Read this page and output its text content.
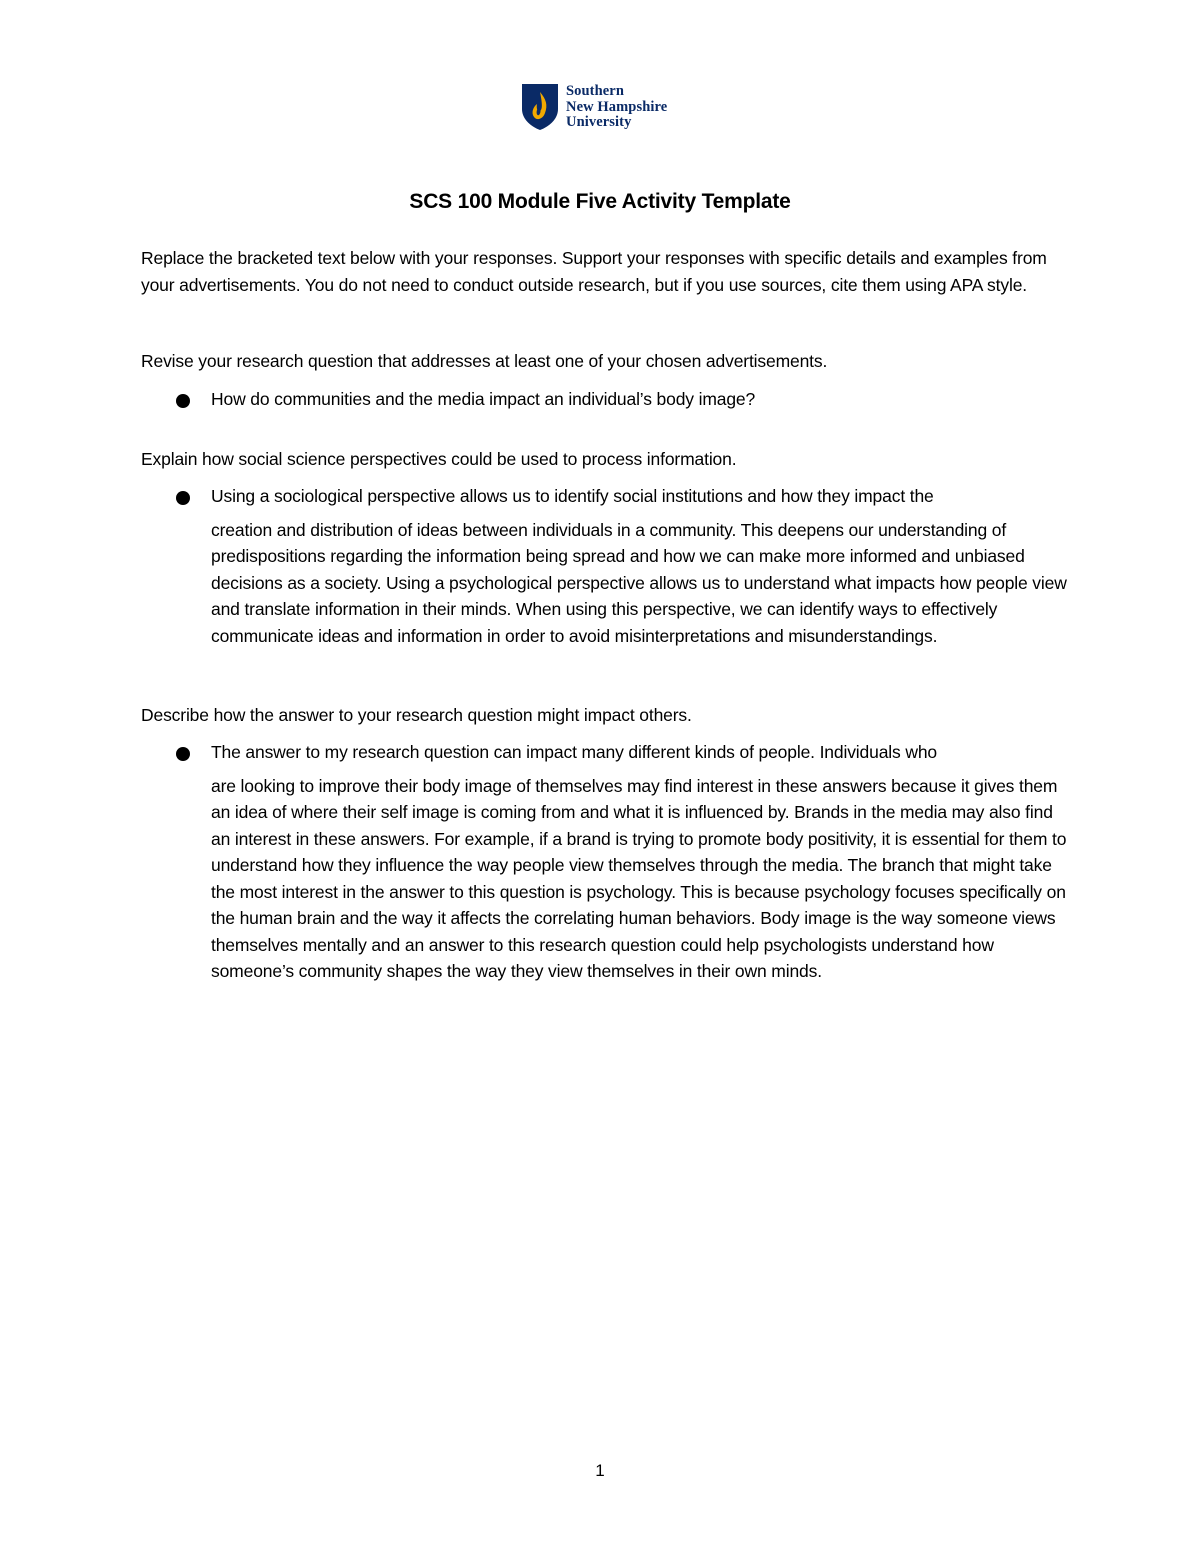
Southern
New Hampshire
University
SCS 100 Module Five Activity Template
Replace the bracketed text below with your responses. Support your responses with specific details and examples from your advertisements. You do not need to conduct outside research, but if you use sources, cite them using APA style.
Revise your research question that addresses at least one of your chosen advertisements.
How do communities and the media impact an individual’s body image?
Explain how social science perspectives could be used to process information.
Using a sociological perspective allows us to identify social institutions and how they impact the
creation and distribution of ideas between individuals in a community. This deepens our understanding of predispositions regarding the information being spread and how we can make more informed and unbiased decisions as a society. Using a psychological perspective allows us to understand what impacts how people view and translate information in their minds. When using this perspective, we can identify ways to effectively communicate ideas and information in order to avoid misinterpretations and misunderstandings.
Describe how the answer to your research question might impact others.
The answer to my research question can impact many different kinds of people. Individuals who
are looking to improve their body image of themselves may find interest in these answers because it gives them an idea of where their self image is coming from and what it is influenced by. Brands in the media may also find an interest in these answers. For example, if a brand is trying to promote body positivity, it is essential for them to understand how they influence the way people view themselves through the media. The branch that might take the most interest in the answer to this question is psychology. This is because psychology focuses specifically on the human brain and the way it affects the correlating human behaviors. Body image is the way someone views themselves mentally and an answer to this research question could help psychologists understand how someone’s community shapes the way they view themselves in their own minds.
1
